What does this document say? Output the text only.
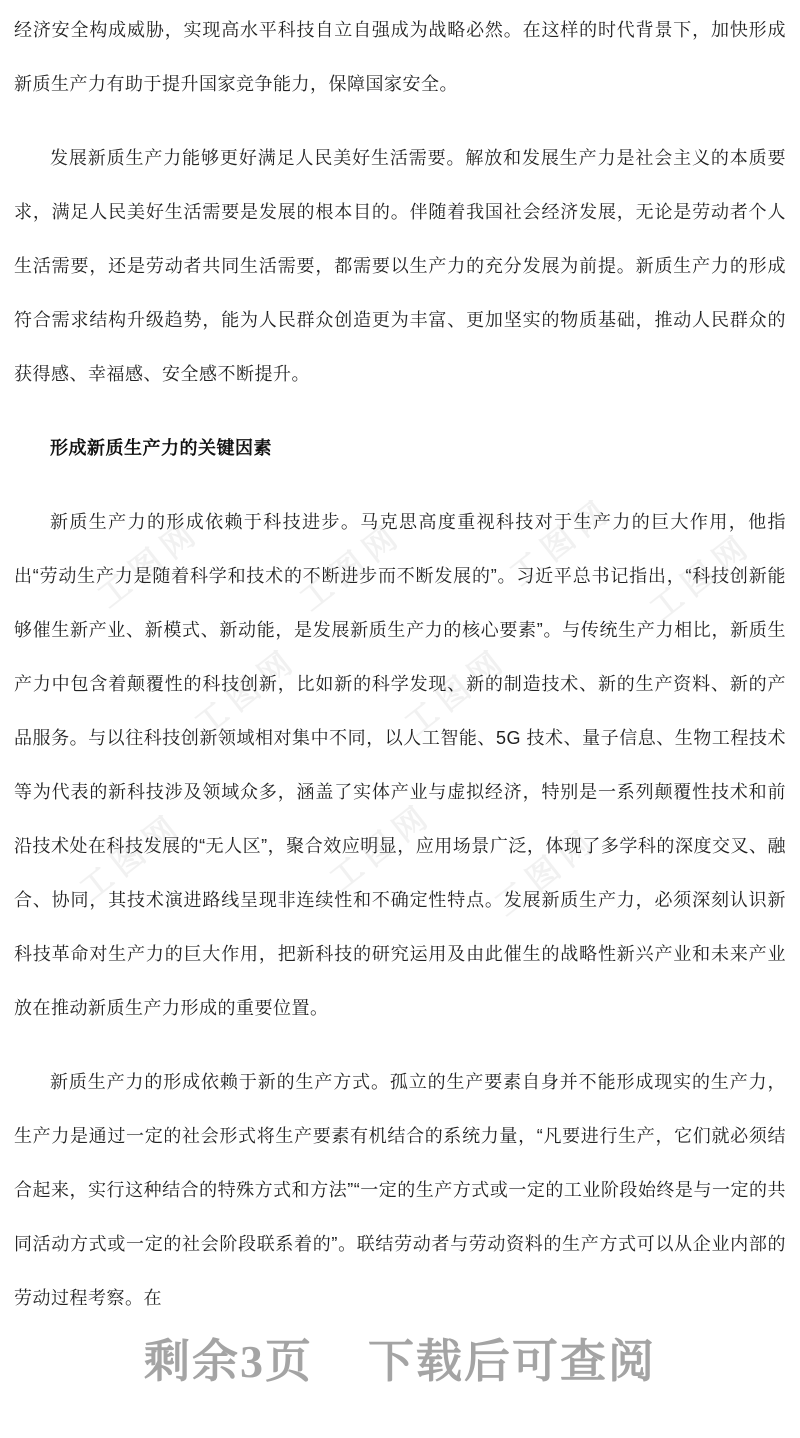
工图网	工图网	工图网 工图网
工图网	工图网
工图网	工图网 工图网

经济安全构成威胁，实现高水平科技自立自强成为战略必然。在这样的时代背景下，加快形成新质生产力有助于提升国家竞争能力，保障国家安全。

发展新质生产力能够更好满足人民美好生活需要。解放和发展生产力是社会主义的本质要求，满足人民美好生活需要是发展的根本目的。伴随着我国社会经济发展，无论是劳动者个人生活需要，还是劳动者共同生活需要，都需要以生产力的充分发展为前提。新质生产力的形成符合需求结构升级趋势，能为人民群众创造更为丰富、更加坚实的物质基础，推动人民群众的获得感、幸福感、安全感不断提升。

形成新质生产力的关键因素

新质生产力的形成依赖于科技进步。马克思高度重视科技对于生产力的巨大作用，他指出“劳动生产力是随着科学和技术的不断进步而不断发展的”。习近平总书记指出，“科技创新能够催生新产业、新模式、新动能，是发展新质生产力的核心要素”。与传统生产力相比，新质生产力中包含着颠覆性的科技创新，比如新的科学发现、新的制造技术、新的生产资料、新的产品服务。与以往科技创新领域相对集中不同，以人工智能、5G 技术、量子信息、生物工程技术等为代表的新科技涉及领域众多，涵盖了实体产业与虚拟经济，特别是一系列颠覆性技术和前沿技术处在科技发展的“无人区”，聚合效应明显，应用场景广泛，体现了多学科的深度交叉、融合、协同，其技术演进路线呈现非连续性和不确定性特点。发展新质生产力，必须深刻认识新科技革命对生产力的巨大作用，把新科技的研究运用及由此催生的战略性新兴产业和未来产业放在推动新质生产力形成的重要位置。

新质生产力的形成依赖于新的生产方式。孤立的生产要素自身并不能形成现实的生产力，生产力是通过一定的社会形式将生产要素有机结合的系统力量，“凡要进行生产，它们就必须结合起来，实行这种结合的特殊方式和方法”“一定的生产方式或一定的工业阶段始终是与一定的共同活动方式或一定的社会阶段联系着的”。联结劳动者与劳动资料的生产方式可以从企业内部的劳动过程考察。在

剩余3页 下载后可查阅
